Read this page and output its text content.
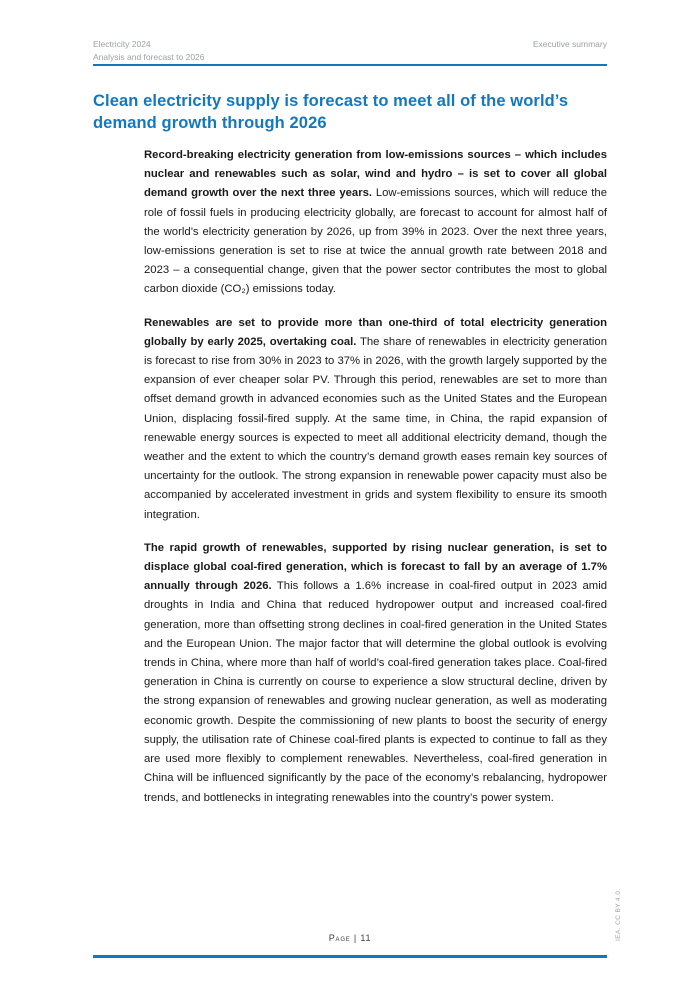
Electricity 2024
Analysis and forecast to 2026
Executive summary
Clean electricity supply is forecast to meet all of the world’s demand growth through 2026

Record-breaking electricity generation from low-emissions sources – which includes nuclear and renewables such as solar, wind and hydro – is set to cover all global demand growth over the next three years. Low-emissions sources, which will reduce the role of fossil fuels in producing electricity globally, are forecast to account for almost half of the world’s electricity generation by 2026, up from 39% in 2023. Over the next three years, low-emissions generation is set to rise at twice the annual growth rate between 2018 and 2023 – a consequential change, given that the power sector contributes the most to global carbon dioxide (CO₂) emissions today.

Renewables are set to provide more than one-third of total electricity generation globally by early 2025, overtaking coal. The share of renewables in electricity generation is forecast to rise from 30% in 2023 to 37% in 2026, with the growth largely supported by the expansion of ever cheaper solar PV. Through this period, renewables are set to more than offset demand growth in advanced economies such as the United States and the European Union, displacing fossil-fired supply. At the same time, in China, the rapid expansion of renewable energy sources is expected to meet all additional electricity demand, though the weather and the extent to which the country’s demand growth eases remain key sources of uncertainty for the outlook. The strong expansion in renewable power capacity must also be accompanied by accelerated investment in grids and system flexibility to ensure its smooth integration.

The rapid growth of renewables, supported by rising nuclear generation, is set to displace global coal-fired generation, which is forecast to fall by an average of 1.7% annually through 2026. This follows a 1.6% increase in coal-fired output in 2023 amid droughts in India and China that reduced hydropower output and increased coal-fired generation, more than offsetting strong declines in coal-fired generation in the United States and the European Union. The major factor that will determine the global outlook is evolving trends in China, where more than half of world’s coal-fired generation takes place. Coal-fired generation in China is currently on course to experience a slow structural decline, driven by the strong expansion of renewables and growing nuclear generation, as well as moderating economic growth. Despite the commissioning of new plants to boost the security of energy supply, the utilisation rate of Chinese coal-fired plants is expected to continue to fall as they are used more flexibly to complement renewables. Nevertheless, coal-fired generation in China will be influenced significantly by the pace of the economy’s rebalancing, hydropower trends, and bottlenecks in integrating renewables into the country’s power system.

Page | 11	IEA. CC BY 4.0.
